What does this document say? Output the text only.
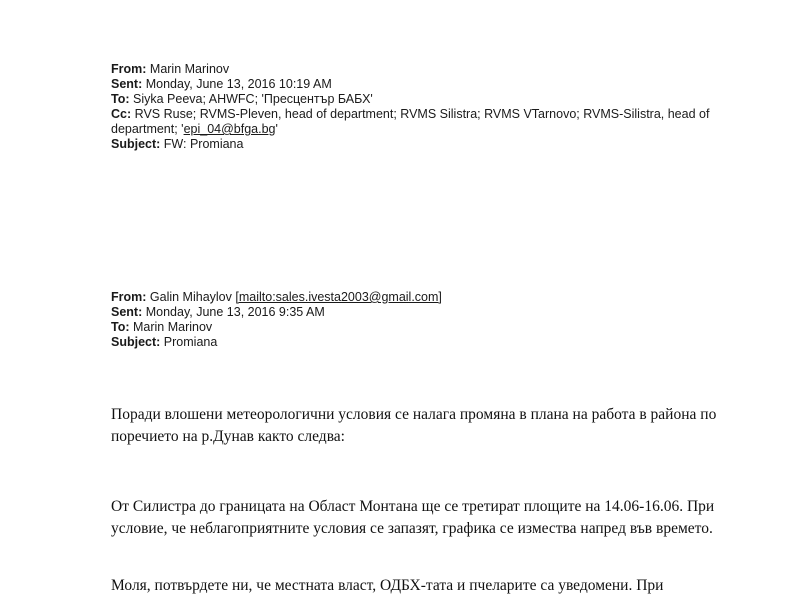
From: Marin Marinov
Sent: Monday, June 13, 2016 10:19 AM
To: Siyka Peeva; AHWFC; 'Пресцентър БАБХ'
Cc: RVS Ruse; RVMS-Pleven, head of department; RVMS Silistra; RVMS VTarnovo; RVMS-Silistra, head of department; 'epi_04@bfga.bg'
Subject: FW: Promiana
From: Galin Mihaylov [mailto:sales.ivesta2003@gmail.com]
Sent: Monday, June 13, 2016 9:35 AM
To: Marin Marinov
Subject: Promiana

Поради влошени метеорологични условия се налага промяна в плана на работа в района по поречието на р.Дунав както следва:

От Силистра до границата на Област Монтана ще се третират площите на 14.06-16.06. При условие, че неблагоприятните условия се запазят, графика се измества напред във времето.

Моля, потвърдете ни, че местната власт, ОДБХ-тата и пчеларите са уведомени. При
